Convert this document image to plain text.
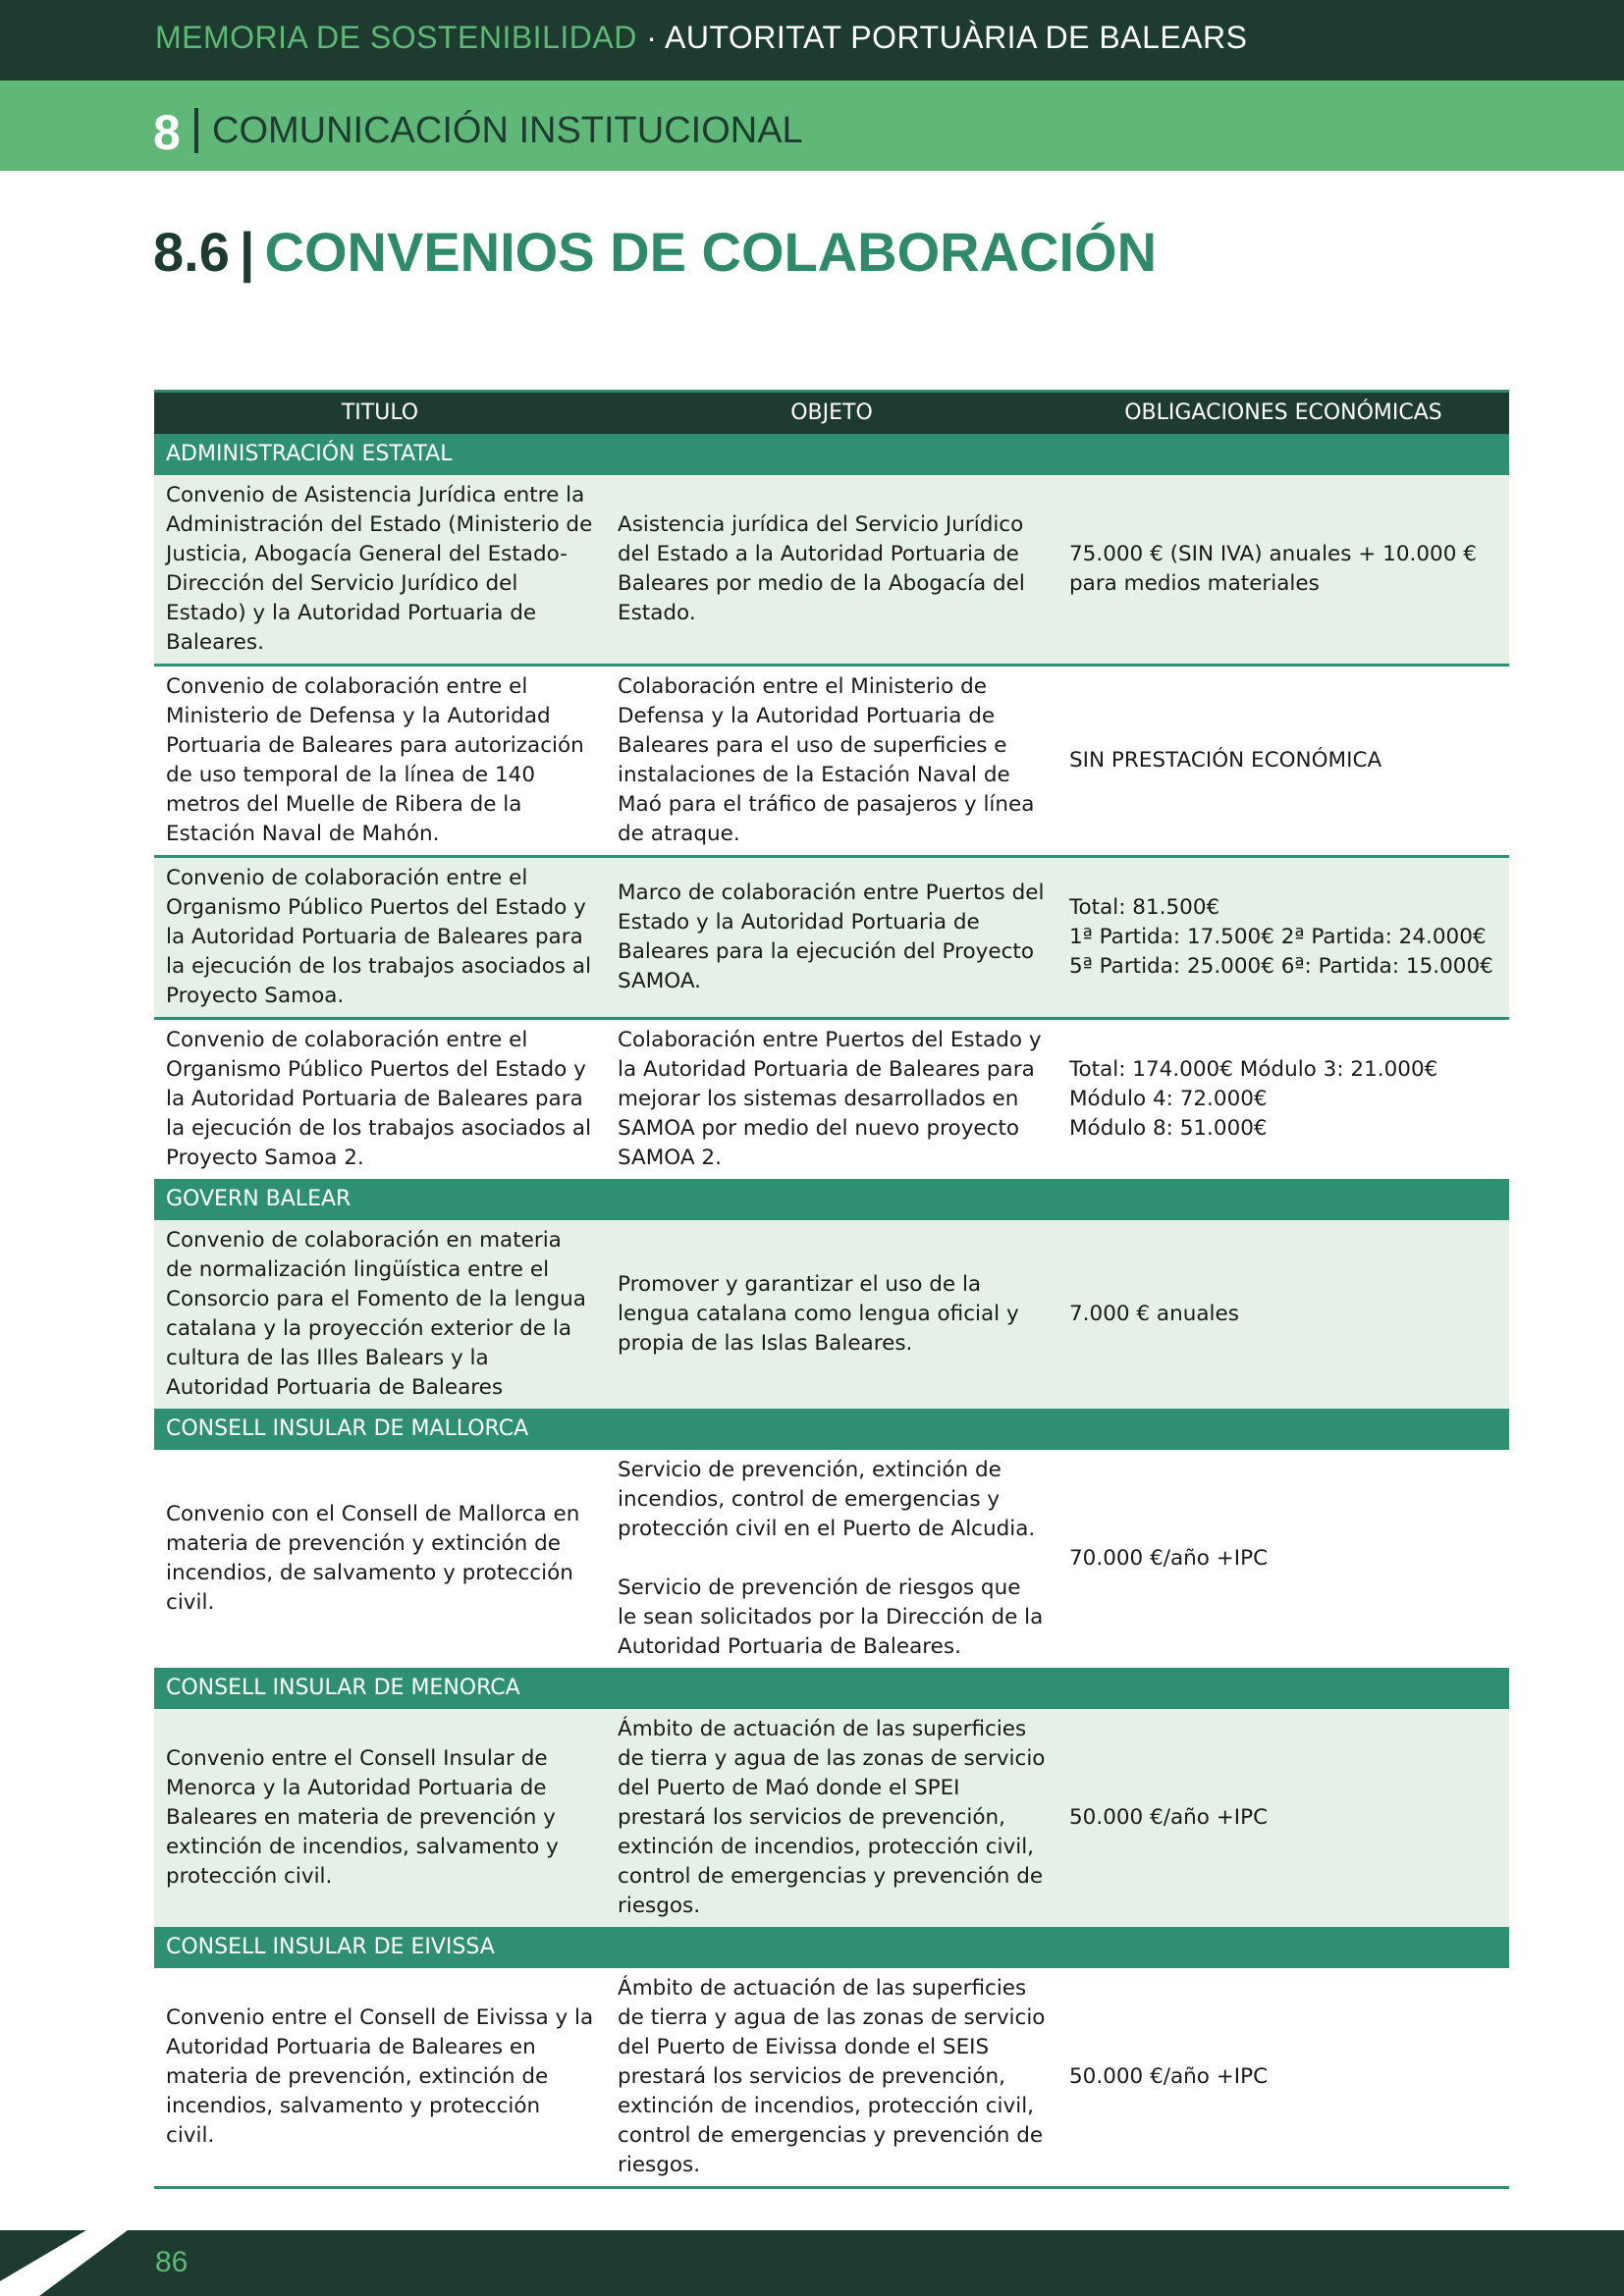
MEMORIA DE SOSTENIBILIDAD · AUTORITAT PORTUÀRIA DE BALEARS
8 COMUNICACIÓN INSTITUCIONAL
8.6 | CONVENIOS DE COLABORACIÓN
TITULO	OBJETO	OBLIGACIONES ECONÓMICAS
ADMINISTRACIÓN ESTATAL		
Convenio de Asistencia Jurídica entre la Administración del Estado (Ministerio de Justicia, Abogacía General del Estado-Dirección del Servicio Jurídico del Estado) y la Autoridad Portuaria de Baleares.	Asistencia jurídica del Servicio Jurídico del Estado a la Autoridad Portuaria de Baleares por medio de la Abogacía del Estado.	75.000 € (SIN IVA) anuales + 10.000 € para medios materiales
Convenio de colaboración entre el Ministerio de Defensa y la Autoridad Portuaria de Baleares para autorización de uso temporal de la línea de 140 metros del Muelle de Ribera de la Estación Naval de Mahón.	Colaboración entre el Ministerio de Defensa y la Autoridad Portuaria de Baleares para el uso de superficies e instalaciones de la Estación Naval de Maó para el tráfico de pasajeros y línea de atraque.	SIN PRESTACIÓN ECONÓMICA
Convenio de colaboración entre el Organismo Público Puertos del Estado y la Autoridad Portuaria de Baleares para la ejecución de los trabajos asociados al Proyecto Samoa.	Marco de colaboración entre Puertos del Estado y la Autoridad Portuaria de Baleares para la ejecución del Proyecto SAMOA.	Total: 81.500€
1ª Partida: 17.500€ 2ª Partida: 24.000€
5ª Partida: 25.000€ 6ª: Partida: 15.000€
Convenio de colaboración entre el Organismo Público Puertos del Estado y la Autoridad Portuaria de Baleares para la ejecución de los trabajos asociados al Proyecto Samoa 2.	Colaboración entre Puertos del Estado y la Autoridad Portuaria de Baleares para mejorar los sistemas desarrollados en SAMOA por medio del nuevo proyecto SAMOA 2.	Total: 174.000€ Módulo 3: 21.000€
Módulo 4: 72.000€
Módulo 8: 51.000€
GOVERN BALEAR		
Convenio de colaboración en materia de normalización lingüística entre el Consorcio para el Fomento de la lengua catalana y la proyección exterior de la cultura de las Illes Balears y la Autoridad Portuaria de Baleares	Promover y garantizar el uso de la lengua catalana como lengua oficial y propia de las Islas Baleares.	7.000 € anuales
CONSELL INSULAR DE MALLORCA		
Convenio con el Consell de Mallorca en materia de prevención y extinción de incendios, de salvamento y protección civil.	Servicio de prevención, extinción de incendios, control de emergencias y protección civil en el Puerto de Alcudia.

Servicio de prevención de riesgos que le sean solicitados por la Dirección de la Autoridad Portuaria de Baleares.	70.000 €/año +IPC
CONSELL INSULAR DE MENORCA		
Convenio entre el Consell Insular de Menorca y la Autoridad Portuaria de Baleares en materia de prevención y extinción de incendios, salvamento y protección civil.	Ámbito de actuación de las superficies de tierra y agua de las zonas de servicio del Puerto de Maó donde el SPEI prestará los servicios de prevención, extinción de incendios, protección civil, control de emergencias y prevención de riesgos.	50.000 €/año +IPC
CONSELL INSULAR DE EIVISSA		
Convenio entre el Consell de Eivissa y la Autoridad Portuaria de Baleares en materia de prevención, extinción de incendios, salvamento y protección civil.	Ámbito de actuación de las superficies de tierra y agua de las zonas de servicio del Puerto de Eivissa donde el SEIS prestará los servicios de prevención, extinción de incendios, protección civil, control de emergencias y prevención de riesgos.	50.000 €/año +IPC
86
